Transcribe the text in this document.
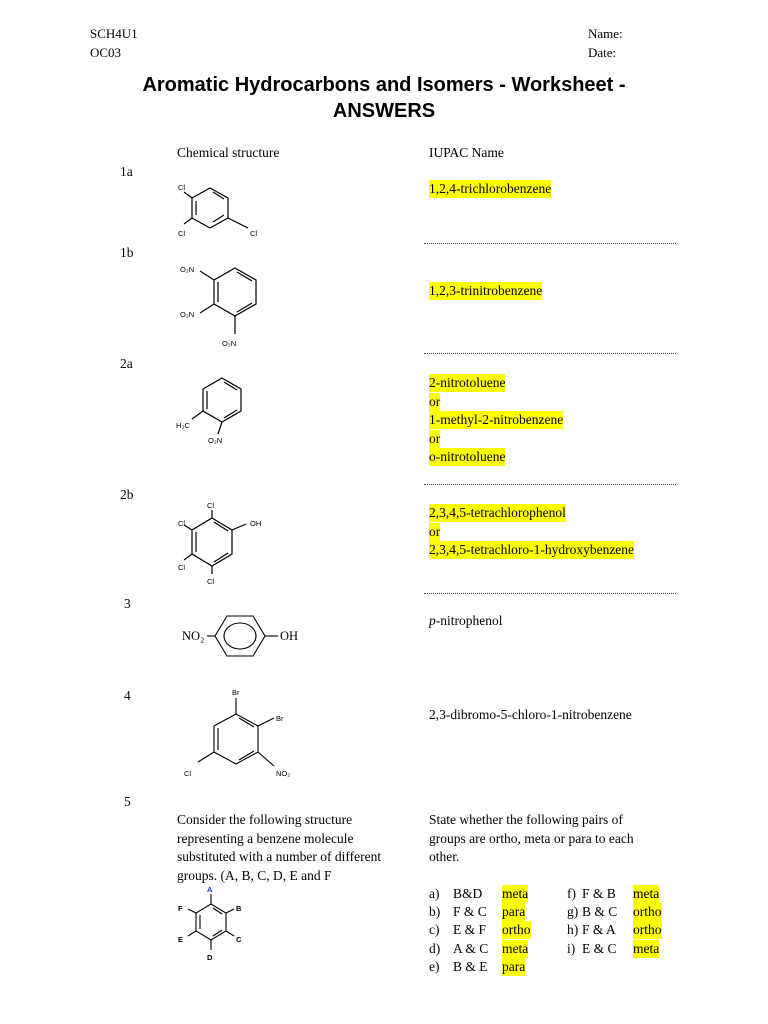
SCH4U1
OC03
Name:
Date:
Aromatic Hydrocarbons and Isomers - Worksheet -
ANSWERS
Chemical structure	IUPAC Name
1a
Cl
Cl	Cl
1,2,4-trichlorobenzene
1b
O₂N
O₂N
O₂N
1,2,3-trinitrobenzene
2a
H₃C
O₂N
2-nitrotoluene
or
1-methyl-2-nitrobenzene
or
o-nitrotoluene
2b
Cl
Cl
Cl
Cl
OH
2,3,4,5-tetrachlorophenol
or
2,3,4,5-tetrachloro-1-hydroxybenzene
3
NO₂	OH
p-nitrophenol
4	Br
Br
Cl	NO₂
2,3-dibromo-5-chloro-1-nitrobenzene
5
Consider the following structure
representing a benzene molecule
substituted with a number of different
groups. (A, B, C, D, E and F
State whether the following pairs of
groups are ortho, meta or para to each
other.
A
B
C
D
E
F
a) B&D meta
b) F & C para
c) E & F ortho
d) A & C meta
e) B & E para
f) F & B meta
g) B & C ortho
h) F & A ortho
i) E & C meta
